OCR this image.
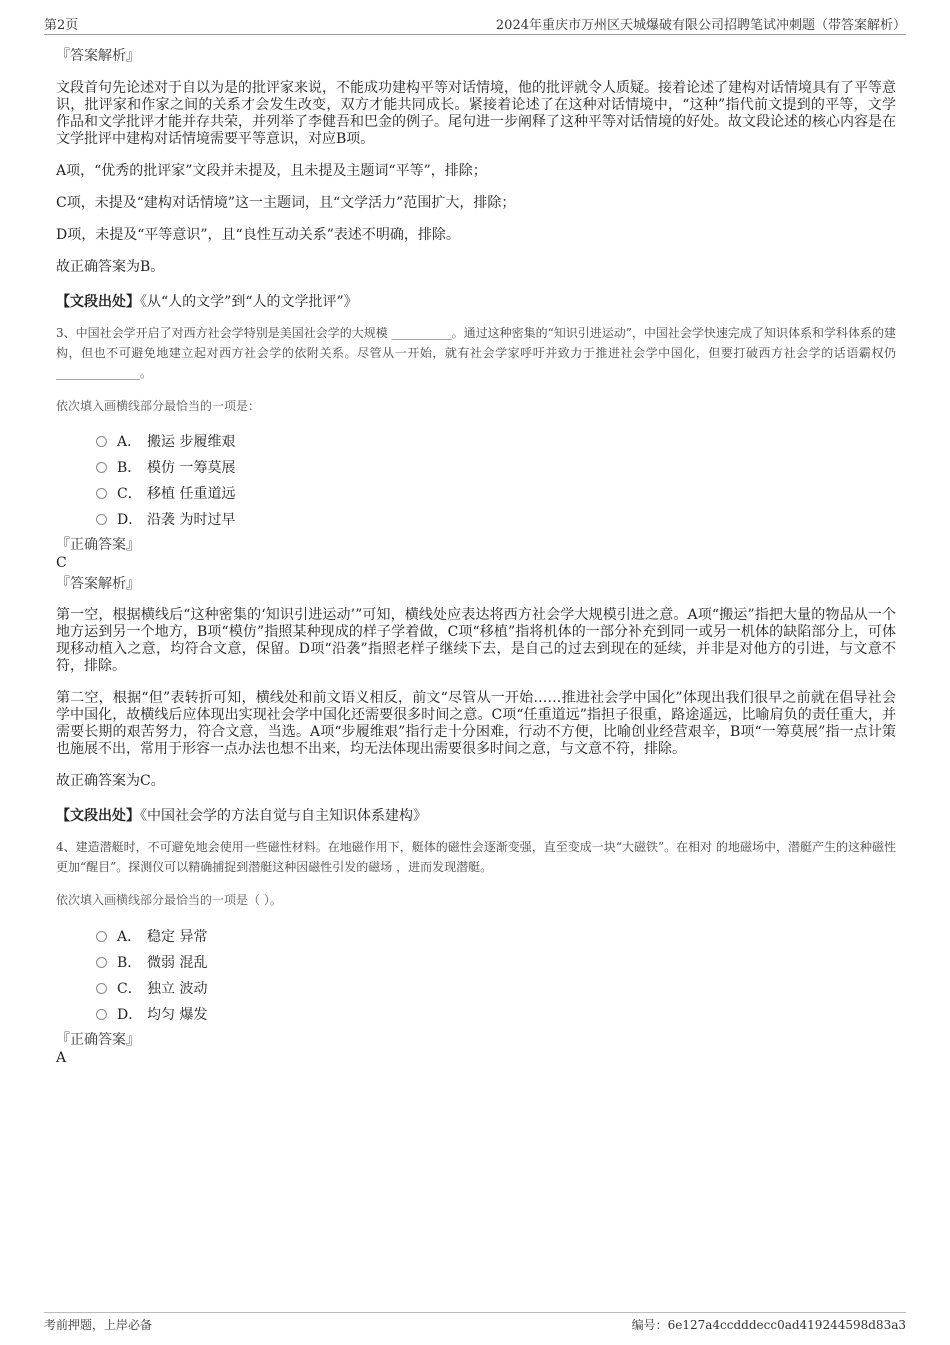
第2页	2024年重庆市万州区天城爆破有限公司招聘笔试冲刺题（带答案解析）

『答案解析』

文段首句先论述对于自以为是的批评家来说，不能成功建构平等对话情境，他的批评就令人质疑。接着论述了建构对话情境具有了平等意识，批评家和作家之间的关系才会发生改变，双方才能共同成长。紧接着论述了在这种对话情境中，“这种”指代前文提到的平等，文学作品和文学批评才能并存共荣，并列举了李健吾和巴金的例子。尾句进一步阐释了这种平等对话情境的好处。故文段论述的核心内容是在文学批评中建构对话情境需要平等意识，对应B项。

A项，“优秀的批评家”文段并未提及，且未提及主题词“平等”，排除；

C项，未提及“建构对话情境”这一主题词，且“文学活力”范围扩大，排除；

D项，未提及“平等意识”，且“良性互动关系”表述不明确，排除。

故正确答案为B。

【文段出处】《从“人的文学”到“人的文学批评”》

3、中国社会学开启了对西方社会学特别是美国社会学的大规模 __________。通过这种密集的“知识引进运动”，中国社会学快速完成了知识体系和学科体系的建构，但也不可避免地建立起对西方社会学的依附关系。尽管从一开始，就有社会学家呼吁并致力于推进社会学中国化，但要打破西方社会学的话语霸权仍 ______________。

依次填入画横线部分最恰当的一项是：

A． 搬运 步履维艰
B． 模仿 一筹莫展
C． 移植 任重道远
D． 沿袭 为时过早

『正确答案』

C

『答案解析』

第一空，根据横线后“这种密集的‘知识引进运动’”可知，横线处应表达将西方社会学大规模引进之意。A项“搬运”指把大量的物品从一个地方运到另一个地方，B项“模仿”指照某种现成的样子学着做，C项“移植”指将机体的一部分补充到同一或另一机体的缺陷部分上，可体现移动植入之意，均符合文意，保留。D项“沿袭”指照老样子继续下去，是自己的过去到现在的延续，并非是对他方的引进，与文意不符，排除。

第二空，根据“但”表转折可知，横线处和前文语义相反，前文“尽管从一开始……推进社会学中国化”体现出我们很早之前就在倡导社会学中国化，故横线后应体现出实现社会学中国化还需要很多时间之意。C项“任重道远”指担子很重，路途遥远，比喻肩负的责任重大，并需要长期的艰苦努力，符合文意，当选。A项“步履维艰”指行走十分困难，行动不方便，比喻创业经营艰辛，B项“一筹莫展”指一点计策也施展不出，常用于形容一点办法也想不出来，均无法体现出需要很多时间之意，与文意不符，排除。

故正确答案为C。

【文段出处】《中国社会学的方法自觉与自主知识体系建构》

4、建造潜艇时，不可避免地会使用一些磁性材料。在地磁作用下，艇体的磁性会逐渐变强，直至变成一块“大磁铁”。在相对 的地磁场中，潜艇产生的这种磁性更加“醒目”。探测仪可以精确捕捉到潜艇这种因磁性引发的磁场 ，进而发现潜艇。

依次填入画横线部分最恰当的一项是（ ）。

A． 稳定 异常
B． 微弱 混乱
C． 独立 波动
D． 均匀 爆发

『正确答案』

A

考前押题，上岸必备	编号：6e127a4ccdddecc0ad419244598d83a3
